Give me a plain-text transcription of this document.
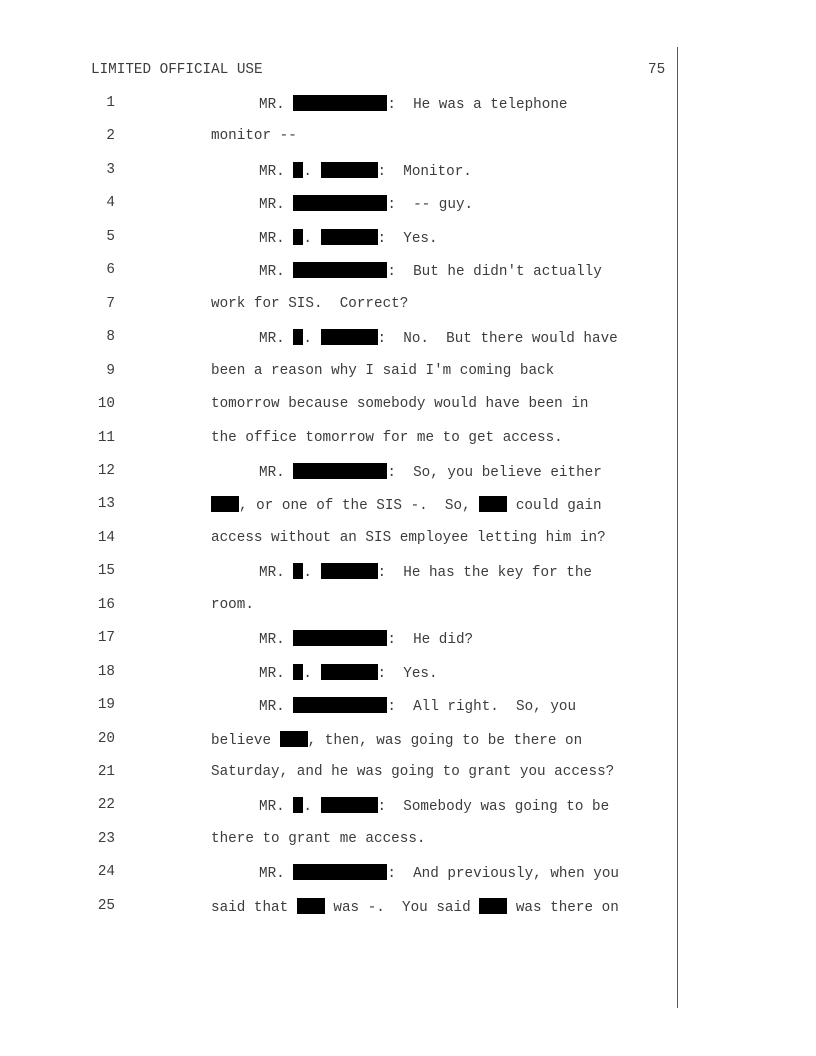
LIMITED OFFICIAL USE	75
1	MR.	:  He was a telephone
2	monitor --
3	MR. .	:  Monitor.
4	MR.	:  -- guy.
5	MR. .	:  Yes.
6	MR.	:  But he didn't actually
7	work for SIS.  Correct?
8	MR. .	:  No.  But there would have
9	been a reason why I said I'm coming back
10	tomorrow because somebody would have been in
11	the office tomorrow for me to get access.
12	MR.	:  So, you believe either
13	, or one of the SIS -.  So,  could gain
14	access without an SIS employee letting him in?
15	MR. .	:  He has the key for the
16	room.
17	MR.	:  He did?
18	MR. .	:  Yes.
19	MR.	:  All right.  So, you
20	believe , then, was going to be there on
21	Saturday, and he was going to grant you access?
22	MR. .	:  Somebody was going to be
23	there to grant me access.
24	MR.	:  And previously, when you
25	said that  was -.  You said  was there on
